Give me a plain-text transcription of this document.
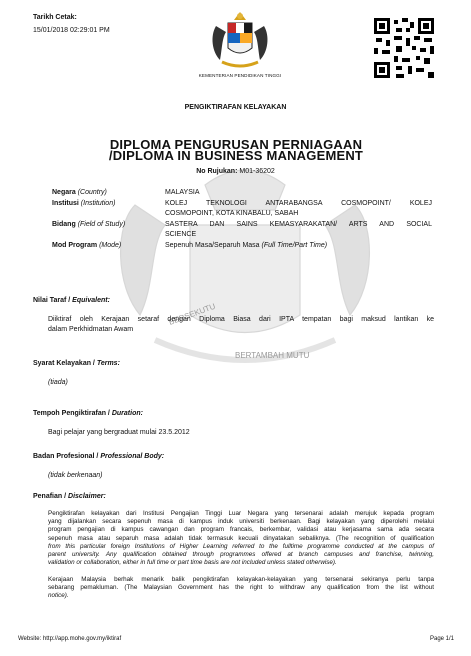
BERSEKUTU
BERTAMBAH MUTU
Tarikh Cetak:
15/01/2018 02:29:01 PM
KEMENTERIAN PENDIDIKAN TINGGI
PENGIKTIRAFAN KELAYAKAN
DIPLOMA PENGURUSAN PERNIAGAAN /DIPLOMA IN BUSINESS MANAGEMENT
No Rujukan: M01-36202
Negara (Country)	MALAYSIA
Institusi (Institution)	KOLEJ TEKNOLOGI ANTARABANGSA COSMOPOINT/ KOLEJ
COSMOPOINT, KOTA KINABALU, SABAH
Bidang (Field of Study)	SASTERA DAN SAINS KEMASYARAKATAN/ ARTS AND SOCIAL
SCIENCE
Mod Program (Mode)	Sepenuh Masa/Separuh Masa (Full Time/Part Time)
Nilai Taraf / Equivalent:
Diiktiraf oleh Kerajaan setaraf dengan Diploma Biasa dari IPTA tempatan bagi maksud lantikan ke
dalam Perkhidmatan Awam
Syarat Kelayakan / Terms:
(tiada)
Tempoh Pengiktirafan / Duration:
Bagi pelajar yang bergraduat mulai 23.5.2012
Badan Profesional / Professional Body:
(tidak berkenaan)
Penafian / Disclaimer:
Pengiktirafan kelayakan dari Institusi Pengajian Tinggi Luar Negara yang tersenarai adalah merujuk kepada program
yang dijalankan secara sepenuh masa di kampus induk universiti berkenaan. Bagi kelayakan yang diperolehi melalui
program pengajian di kampus cawangan dan program francais, berkembar, validasi atau kerjasama sama ada secara
sepenuh masa atau separuh masa adalah tidak termasuk kecuali dinyatakan sebaliknya. (The recognition of qualification
from this particular foreign Institutions of Higher Learning referred to the fulltime programme conducted at the campus of
parent university. Any qualification obtained through programmes offered at branch campuses and franchise, twinning,
validation or collaboration, either in full time or part time basis are not included unless stated otherwise).
Kerajaan Malaysia berhak menarik balik pengiktirafan kelayakan-kelayakan yang tersenarai sekiranya perlu tanpa
sebarang pemakluman. (The Malaysian Government has the right to withdraw any qualification from the list without
notice).
Website: http://app.mohe.gov.my/iktiraf	Page 1/1
